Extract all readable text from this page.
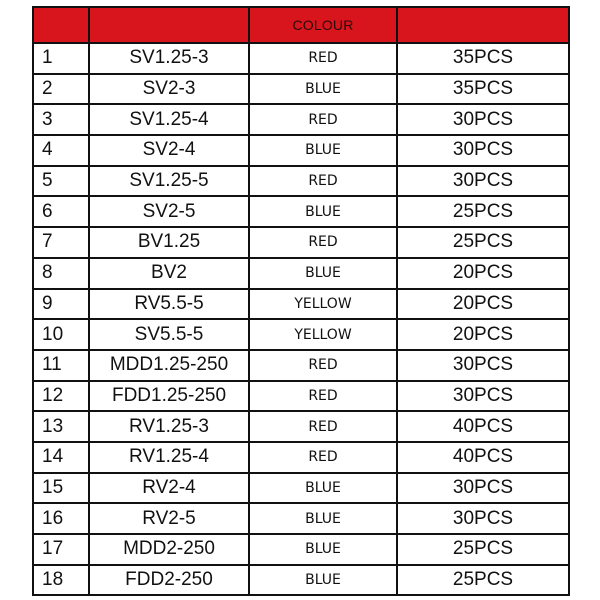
		COLOUR	
1	SV1.25-3	RED	35PCS
2	SV2-3	BLUE	35PCS
3	SV1.25-4	RED	30PCS
4	SV2-4	BLUE	30PCS
5	SV1.25-5	RED	30PCS
6	SV2-5	BLUE	25PCS
7	BV1.25	RED	25PCS
8	BV2	BLUE	20PCS
9	RV5.5-5	YELLOW	20PCS
10	SV5.5-5	YELLOW	20PCS
11	MDD1.25-250	RED	30PCS
12	FDD1.25-250	RED	30PCS
13	RV1.25-3	RED	40PCS
14	RV1.25-4	RED	40PCS
15	RV2-4	BLUE	30PCS
16	RV2-5	BLUE	30PCS
17	MDD2-250	BLUE	25PCS
18	FDD2-250	BLUE	25PCS
